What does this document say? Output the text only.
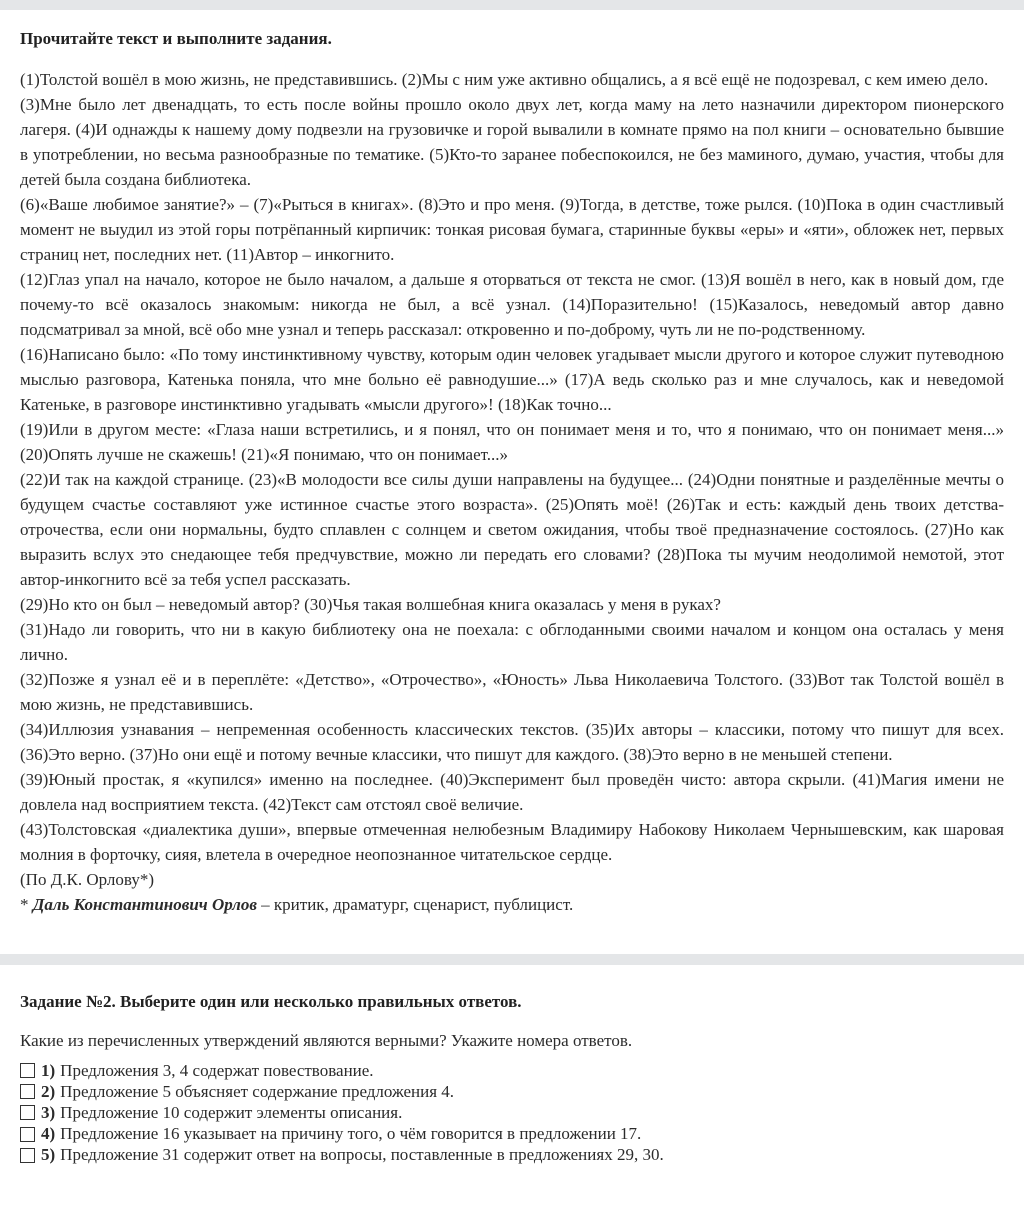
Прочитайте текст и выполните задания.

(1)Толстой вошёл в мою жизнь, не представившись. (2)Мы с ним уже активно общались, а я всё ещё не подозревал, с кем имею дело.

(3)Мне было лет двенадцать, то есть после войны прошло около двух лет, когда маму на лето назначили директором пионерского лагеря. (4)И однажды к нашему дому подвезли на грузовичке и горой вывалили в комнате прямо на пол книги – основательно бывшие в употреблении, но весьма разнообразные по тематике. (5)Кто-то заранее побеспокоился, не без маминого, думаю, участия, чтобы для детей была создана библиотека.

(6)«Ваше любимое занятие?» – (7)«Рыться в книгах». (8)Это и про меня. (9)Тогда, в детстве, тоже рылся. (10)Пока в один счастливый момент не выудил из этой горы потрёпанный кирпичик: тонкая рисовая бумага, старинные буквы «еры» и «яти», обложек нет, первых страниц нет, последних нет. (11)Автор – инкогнито.

(12)Глаз упал на начало, которое не было началом, а дальше я оторваться от текста не смог. (13)Я вошёл в него, как в новый дом, где почему-то всё оказалось знакомым: никогда не был, а всё узнал. (14)Поразительно! (15)Казалось, неведомый автор давно подсматривал за мной, всё обо мне узнал и теперь рассказал: откровенно и по-доброму, чуть ли не по-родственному.

(16)Написано было: «По тому инстинктивному чувству, которым один человек угадывает мысли другого и которое служит путеводною мыслью разговора, Катенька поняла, что мне больно её равнодушие...» (17)А ведь сколько раз и мне случалось, как и неведомой Катеньке, в разговоре инстинктивно угадывать «мысли другого»! (18)Как точно...

(19)Или в другом месте: «Глаза наши встретились, и я понял, что он понимает меня и то, что я понимаю, что он понимает меня...» (20)Опять лучше не скажешь! (21)«Я понимаю, что он понимает...»

(22)И так на каждой странице. (23)«В молодости все силы души направлены на будущее... (24)Одни понятные и разделённые мечты о будущем счастье составляют уже истинное счастье этого возраста». (25)Опять моё! (26)Так и есть: каждый день твоих детства-отрочества, если они нормальны, будто сплавлен с солнцем и светом ожидания, чтобы твоё предназначение состоялось. (27)Но как выразить вслух это снедающее тебя предчувствие, можно ли передать его словами? (28)Пока ты мучим неодолимой немотой, этот автор-инкогнито всё за тебя успел рассказать.

(29)Но кто он был – неведомый автор? (30)Чья такая волшебная книга оказалась у меня в руках?

(31)Надо ли говорить, что ни в какую библиотеку она не поехала: с обглоданными своими началом и концом она осталась у меня лично.

(32)Позже я узнал её и в переплёте: «Детство», «Отрочество», «Юность» Льва Николаевича Толстого. (33)Вот так Толстой вошёл в мою жизнь, не представившись.

(34)Иллюзия узнавания – непременная особенность классических текстов. (35)Их авторы – классики, потому что пишут для всех. (36)Это верно. (37)Но они ещё и потому вечные классики, что пишут для каждого. (38)Это верно в не меньшей степени.

(39)Юный простак, я «купился» именно на последнее. (40)Эксперимент был проведён чисто: автора скрыли. (41)Магия имени не довлела над восприятием текста. (42)Текст сам отстоял своё величие.

(43)Толстовская «диалектика души», впервые отмеченная нелюбезным Владимиру Набокову Николаем Чернышевским, как шаровая молния в форточку, сияя, влетела в очередное неопознанное читательское сердце.

(По Д.К. Орлову*)

* Даль Константинович Орлов – критик, драматург, сценарист, публицист.

Задание №2. Выберите один или несколько правильных ответов.
Какие из перечисленных утверждений являются верными? Укажите номера ответов.
1) Предложения 3, 4 содержат повествование.
2) Предложение 5 объясняет содержание предложения 4.
3) Предложение 10 содержит элементы описания.
4) Предложение 16 указывает на причину того, о чём говорится в предложении 17.
5) Предложение 31 содержит ответ на вопросы, поставленные в предложениях 29, 30.
